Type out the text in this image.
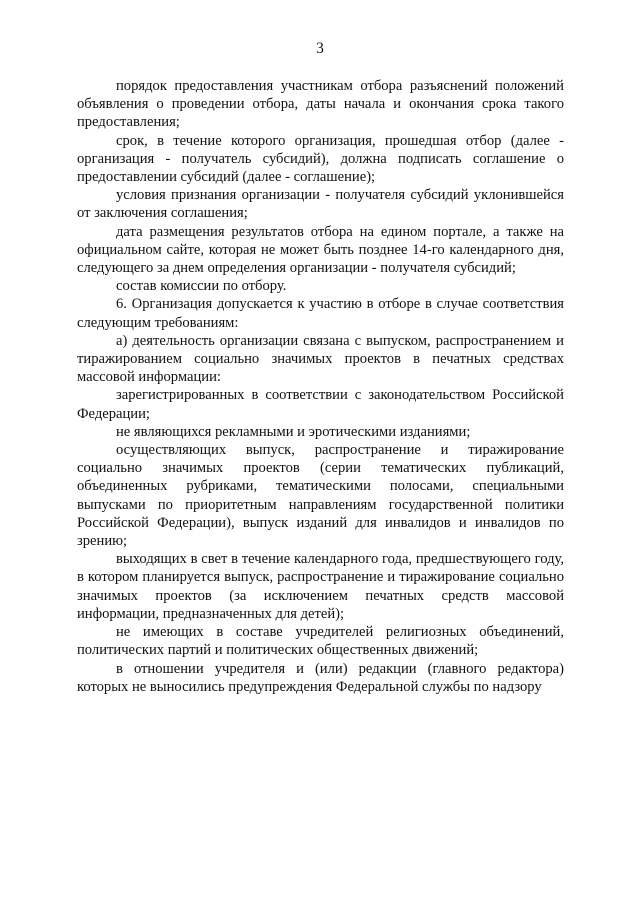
3

порядок предоставления участникам отбора разъяснений положений объявления о проведении отбора, даты начала и окончания срока такого предоставления;

срок, в течение которого организация, прошедшая отбор (далее - организация - получатель субсидий), должна подписать соглашение о предоставлении субсидий (далее - соглашение);

условия признания организации - получателя субсидий уклонившейся от заключения соглашения;

дата размещения результатов отбора на едином портале, а также на официальном сайте, которая не может быть позднее 14-го календарного дня, следующего за днем определения организации - получателя субсидий;

состав комиссии по отбору.

6. Организация допускается к участию в отборе в случае соответствия следующим требованиям:

а) деятельность организации связана с выпуском, распространением и тиражированием социально значимых проектов в печатных средствах массовой информации:

зарегистрированных в соответствии с законодательством Российской Федерации;

не являющихся рекламными и эротическими изданиями;

осуществляющих выпуск, распространение и тиражирование социально значимых проектов (серии тематических публикаций, объединенных рубриками, тематическими полосами, специальными выпусками по приоритетным направлениям государственной политики Российской Федерации), выпуск изданий для инвалидов и инвалидов по зрению;

выходящих в свет в течение календарного года, предшествующего году, в котором планируется выпуск, распространение и тиражирование социально значимых проектов (за исключением печатных средств массовой информации, предназначенных для детей);

не имеющих в составе учредителей религиозных объединений, политических партий и политических общественных движений;

в отношении учредителя и (или) редакции (главного редактора) которых не выносились предупреждения Федеральной службы по надзору
